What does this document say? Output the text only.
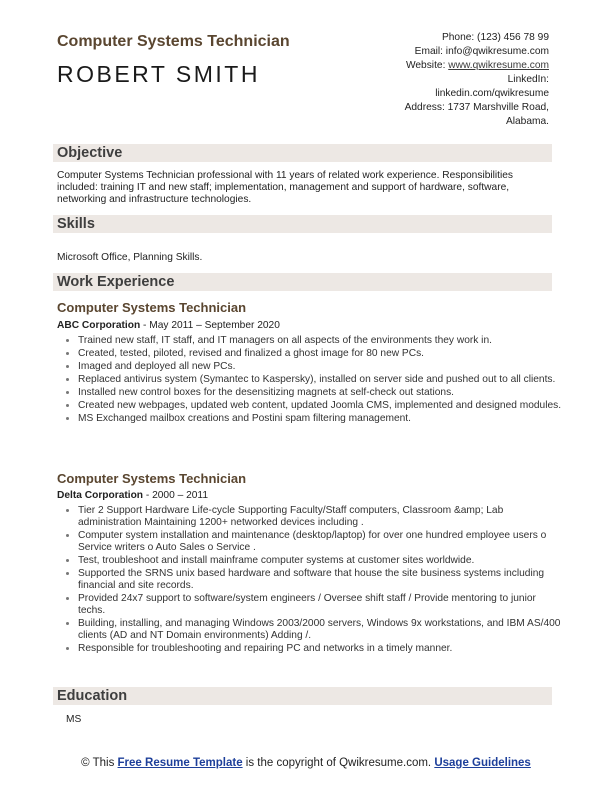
Computer Systems Technician
ROBERT SMITH
Phone: (123) 456 78 99
Email: info@qwikresume.com
Website: www.qwikresume.com
LinkedIn:
linkedin.com/qwikresume
Address: 1737 Marshville Road,
Alabama.
Objective
Computer Systems Technician professional with 11 years of related work experience. Responsibilities included: training IT and new staff; implementation, management and support of hardware, software, networking and infrastructure technologies.
Skills
Microsoft Office, Planning Skills.
Work Experience
Computer Systems Technician
ABC Corporation - May 2011 – September 2020
• Trained new staff, IT staff, and IT managers on all aspects of the environments they work in.
• Created, tested, piloted, revised and finalized a ghost image for 80 new PCs.
• Imaged and deployed all new PCs.
• Replaced antivirus system (Symantec to Kaspersky), installed on server side and pushed out to all clients.
• Installed new control boxes for the desensitizing magnets at self-check out stations.
• Created new webpages, updated web content, updated Joomla CMS, implemented and designed modules.
• MS Exchanged mailbox creations and Postini spam filtering management.
Computer Systems Technician
Delta Corporation - 2000 – 2011
• Tier 2 Support Hardware Life-cycle Supporting Faculty/Staff computers, Classroom &amp; Lab administration Maintaining 1200+ networked devices including .
• Computer system installation and maintenance (desktop/laptop) for over one hundred employee users o Service writers o Auto Sales o Service .
• Test, troubleshoot and install mainframe computer systems at customer sites worldwide.
• Supported the SRNS unix based hardware and software that house the site business systems including financial and site records.
• Provided 24x7 support to software/system engineers / Oversee shift staff / Provide mentoring to junior techs.
• Building, installing, and managing Windows 2003/2000 servers, Windows 9x workstations, and IBM AS/400 clients (AD and NT Domain environments) Adding /.
• Responsible for troubleshooting and repairing PC and networks in a timely manner.
Education
MS
© This Free Resume Template is the copyright of Qwikresume.com. Usage Guidelines
